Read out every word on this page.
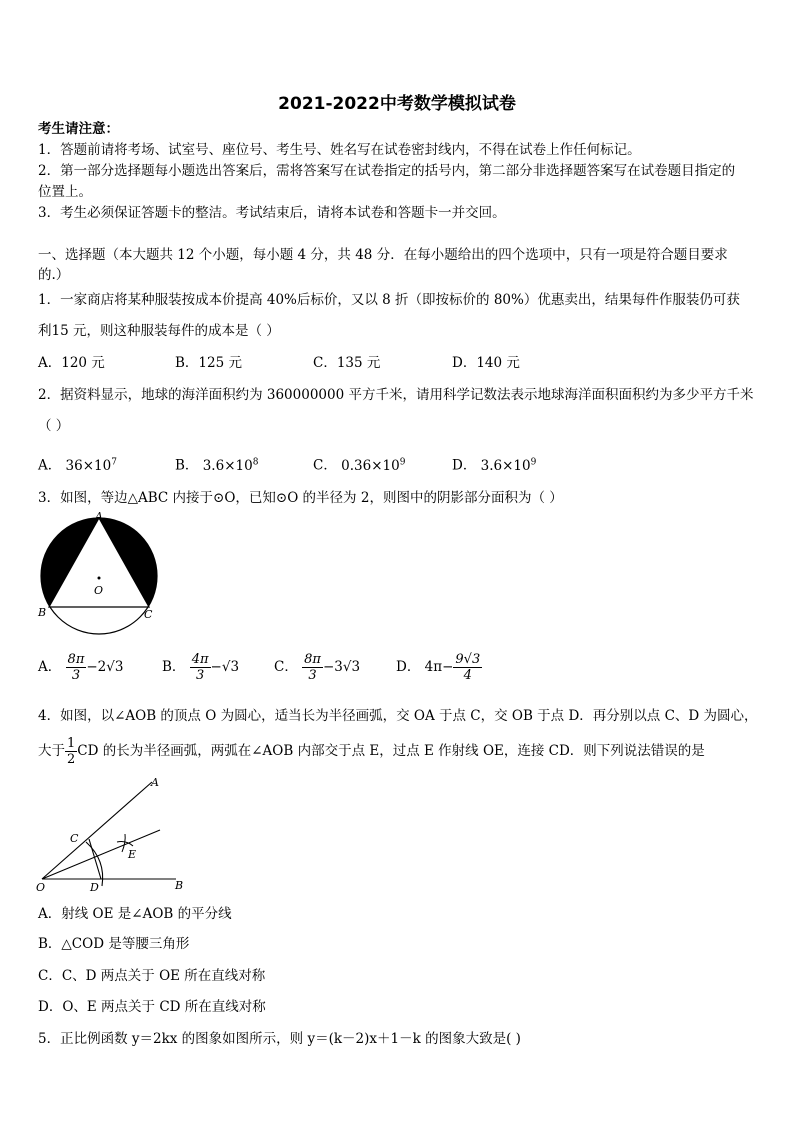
2021-2022中考数学模拟试卷
考生请注意：
1．答题前请将考场、试室号、座位号、考生号、姓名写在试卷密封线内，不得在试卷上作任何标记。
2．第一部分选择题每小题选出答案后，需将答案写在试卷指定的括号内，第二部分非选择题答案写在试卷题目指定的
位置上。
3．考生必须保证答题卡的整洁。考试结束后，请将本试卷和答题卡一并交回。
一、选择题（本大题共 12 个小题，每小题 4 分，共 48 分．在每小题给出的四个选项中，只有一项是符合题目要求
的.）
1．一家商店将某种服装按成本价提高 40%后标价，又以 8 折（即按标价的 80%）优惠卖出，结果每件作服装仍可获
利15 元，则这种服装每件的成本是（ ）
A．120 元	B．125 元	C．135 元	D．140 元
2．据资料显示，地球的海洋面积约为 360000000 平方千米，请用科学记数法表示地球海洋面积面积约为多少平方千米
（ ）
A． $36\times 10^7$	B． $3.6\times 10^8$	C． $0.36\times 10^9$	D． $3.6\times 10^9$
3．如图，等边△ABC 内接于⊙O，已知⊙O 的半径为 2，则图中的阴影部分面积为（ ）
A
B	C
O
A． $\frac{8\pi}{3} -2√3$	B． $\frac{4\pi}{3} -√3$	C． $\frac{8\pi}{3} -3√3$	D． $4\pi- \frac{9√3}{4}$
4．如图，以∠AOB 的顶点 O 为圆心，适当长为半径画弧，交 OA 于点 C，交 OB 于点 D．再分别以点 C、D 为圆心，
大于 $\frac{1}{2}$ CD 的长为半径画弧，两弧在∠AOB 内部交于点 E，过点 E 作射线 OE，连接 CD．则下列说法错误的是
A
C
E
O	D	B
A．射线 OE 是∠AOB 的平分线
B．△COD 是等腰三角形
C．C、D 两点关于 OE 所在直线对称
D．O、E 两点关于 CD 所在直线对称
5．正比例函数 y＝2kx 的图象如图所示，则 y＝(k－2)x＋1－k 的图象大致是( )
